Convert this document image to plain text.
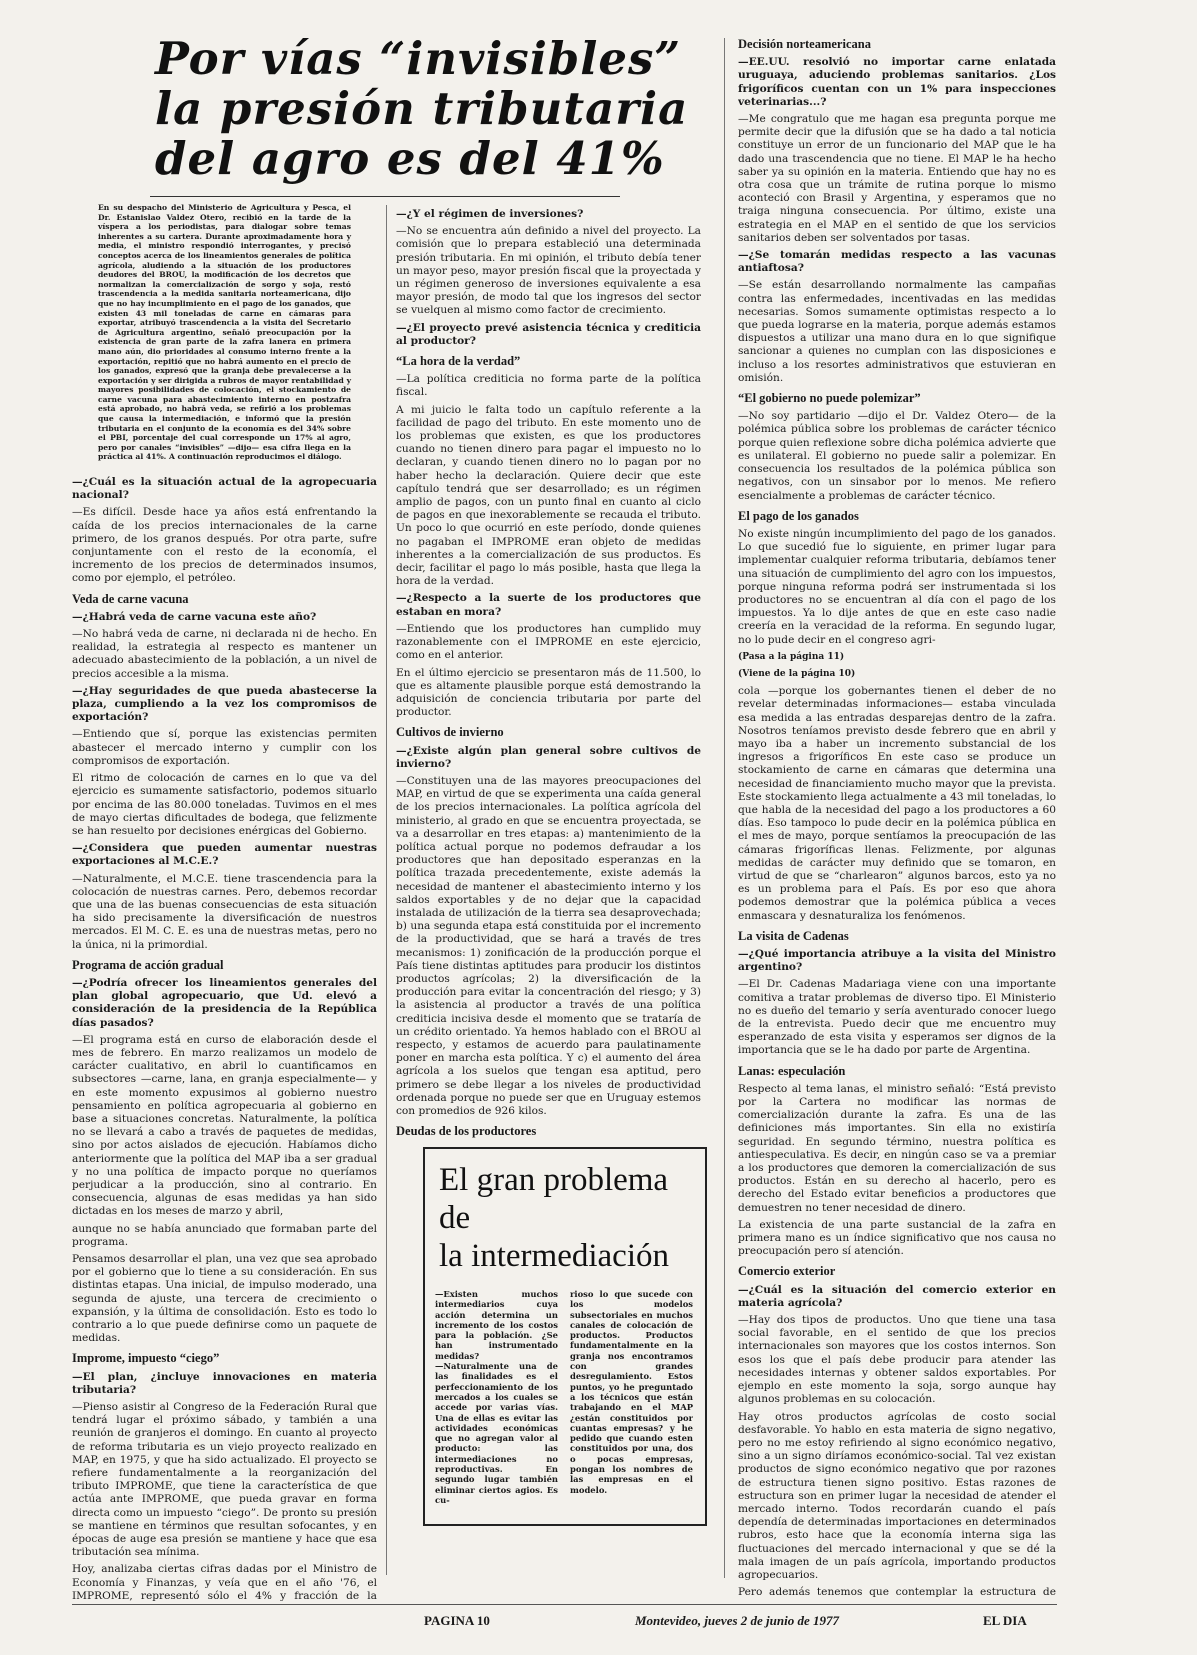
Por vías “invisibles”
la presión tributaria
del agro es del 41%

En su despacho del Ministerio de Agricultura y Pesca, el Dr. Estanislao Valdez Otero, recibió en la tarde de la víspera a los periodistas, para dialogar sobre temas inherentes a su cartera. Durante aproximadamente hora y media, el ministro respondió interrogantes, y precisó conceptos acerca de los lineamientos generales de política agrícola, aludiendo a la situación de los productores deudores del BROU, la modificación de los decretos que normalizan la comercialización de sorgo y soja, restó trascendencia a la medida sanitaria norteamericana, dijo que no hay incumplimiento en el pago de los ganados, que existen 43 mil toneladas de carne en cámaras para exportar, atribuyó trascendencia a la visita del Secretario de Agricultura argentino, señaló preocupación por la existencia de gran parte de la zafra lanera en primera mano aún, dio prioridades al consumo interno frente a la exportación, repitió que no habrá aumento en el precio de los ganados, expresó que la granja debe prevalecerse a la exportación y ser dirigida a rubros de mayor rentabilidad y mayores posibilidades de colocación, el stockamiento de carne vacuna para abastecimiento interno en postzafra está aprobado, no habrá veda, se refirió a los problemas que causa la intermediación, e informó que la presión tributaria en el conjunto de la economía es del 34% sobre el PBI, porcentaje del cual corresponde un 17% al agro, pero por canales “invisibles” —dijo— esa cifra llega en la práctica al 41%. A continuación reproducimos el diálogo.

—¿Cuál es la situación actual de la agropecuaria nacional?

—Es difícil. Desde hace ya años está enfrentando la caída de los precios internacionales de la carne primero, de los granos después. Por otra parte, sufre conjuntamente con el resto de la economía, el incremento de los precios de determinados insumos, como por ejemplo, el petróleo.

Veda de carne vacuna

—¿Habrá veda de carne vacuna este año?

—No habrá veda de carne, ni declarada ni de hecho. En realidad, la estrategia al respecto es mantener un adecuado abastecimiento de la población, a un nivel de precios accesible a la misma.

—¿Hay seguridades de que pueda abastecerse la plaza, cumpliendo a la vez los compromisos de exportación?

—Entiendo que sí, porque las existencias permiten abastecer el mercado interno y cumplir con los compromisos de exportación.

El ritmo de colocación de carnes en lo que va del ejercicio es sumamente satisfactorio, podemos situarlo por encima de las 80.000 toneladas. Tuvimos en el mes de mayo ciertas dificultades de bodega, que felizmente se han resuelto por decisiones enérgicas del Gobierno.

—¿Considera que pueden aumentar nuestras exportaciones al M.C.E.?

—Naturalmente, el M.C.E. tiene trascendencia para la colocación de nuestras carnes. Pero, debemos recordar que una de las buenas consecuencias de esta situación ha sido precisamente la diversificación de nuestros mercados. El M. C. E. es una de nuestras metas, pero no la única, ni la primordial.

Programa de acción gradual

—¿Podría ofrecer los lineamientos generales del plan global agropecuario, que Ud. elevó a consideración de la presidencia de la República días pasados?

—El programa está en curso de elaboración desde el mes de febrero. En marzo realizamos un modelo de carácter cualitativo, en abril lo cuantificamos en subsectores —carne, lana, en granja especialmente— y en este momento expusimos al gobierno nuestro pensamiento en política agropecuaria al gobierno en base a situaciones concretas. Naturalmente, la política no se llevará a cabo a través de paquetes de medidas, sino por actos aislados de ejecución. Habíamos dicho anteriormente que la política del MAP iba a ser gradual y no una política de impacto porque no queríamos perjudicar a la producción, sino al contrario. En consecuencia, algunas de esas medidas ya han sido dictadas en los meses de marzo y abril,

aunque no se había anunciado que formaban parte del programa.

Pensamos desarrollar el plan, una vez que sea aprobado por el gobierno que lo tiene a su consideración. En sus distintas etapas. Una inicial, de impulso moderado, una segunda de ajuste, una tercera de crecimiento o expansión, y la última de consolidación. Esto es todo lo contrario a lo que puede definirse como un paquete de medidas.

Improme, impuesto “ciego”

—El plan, ¿incluye innovaciones en materia tributaria?

—Pienso asistir al Congreso de la Federación Rural que tendrá lugar el próximo sábado, y también a una reunión de granjeros el domingo. En cuanto al proyecto de reforma tributaria es un viejo proyecto realizado en MAP, en 1975, y que ha sido actualizado. El proyecto se refiere fundamentalmente a la reorganización del tributo IMPROME, que tiene la característica de que actúa ante IMPROME, que pueda gravar en forma directa como un impuesto “ciego”. De pronto su presión se mantiene en términos que resultan sofocantes, y en épocas de auge esa presión se mantiene y hace que esa tributación sea mínima.

Hoy, analizaba ciertas cifras dadas por el Ministro de Economía y Finanzas, y veía que en el año '76, el IMPROME, representó sólo el 4% y fracción de la

—¿Y el régimen de inversiones?

—No se encuentra aún definido a nivel del proyecto. La comisión que lo prepara estableció una determinada presión tributaria. En mi opinión, el tributo debía tener un mayor peso, mayor presión fiscal que la proyectada y un régimen generoso de inversiones equivalente a esa mayor presión, de modo tal que los ingresos del sector se vuelquen al mismo como factor de crecimiento.

—¿El proyecto prevé asistencia técnica y crediticia al productor?

“La hora de la verdad”

—La política crediticia no forma parte de la política fiscal.

A mi juicio le falta todo un capítulo referente a la facilidad de pago del tributo. En este momento uno de los problemas que existen, es que los productores cuando no tienen dinero para pagar el impuesto no lo declaran, y cuando tienen dinero no lo pagan por no haber hecho la declaración. Quiere decir que este capítulo tendrá que ser desarrollado; es un régimen amplio de pagos, con un punto final en cuanto al ciclo de pagos en que inexorablemente se recauda el tributo. Un poco lo que ocurrió en este período, donde quienes no pagaban el IMPROME eran objeto de medidas inherentes a la comercialización de sus productos. Es decir, facilitar el pago lo más posible, hasta que llega la hora de la verdad.

—¿Respecto a la suerte de los productores que estaban en mora?

—Entiendo que los productores han cumplido muy razonablemente con el IMPROME en este ejercicio, como en el anterior.

En el último ejercicio se presentaron más de 11.500, lo que es altamente plausible porque está demostrando la adquisición de conciencia tributaria por parte del productor.

Cultivos de invierno

—¿Existe algún plan general sobre cultivos de invierno?

—Constituyen una de las mayores preocupaciones del MAP, en virtud de que se experimenta una caída general de los precios internacionales. La política agrícola del ministerio, al grado en que se encuentra proyectada, se va a desarrollar en tres etapas: a) mantenimiento de la política actual porque no podemos defraudar a los productores que han depositado esperanzas en la política trazada precedentemente, existe además la necesidad de mantener el abastecimiento interno y los saldos exportables y de no dejar que la capacidad instalada de utilización de la tierra sea desaprovechada; b) una segunda etapa está constituida por el incremento de la productividad, que se hará a través de tres mecanismos: 1) zonificación de la producción porque el País tiene distintas aptitudes para producir los distintos productos agrícolas; 2) la diversificación de la producción para evitar la concentración del riesgo; y 3) la asistencia al productor a través de una política crediticia incisiva desde el momento que se trataría de un crédito orientado. Ya hemos hablado con el BROU al respecto, y estamos de acuerdo para paulatinamente poner en marcha esta política. Y c) el aumento del área agrícola a los suelos que tengan esa aptitud, pero primero se debe llegar a los niveles de productividad ordenada porque no puede ser que en Uruguay estemos con promedios de 926 kilos.

Deudas de los productores

Decisión norteamericana

—EE.UU. resolvió no importar carne enlatada uruguaya, aduciendo problemas sanitarios. ¿Los frigoríficos cuentan con un 1% para inspecciones veterinarias...?

—Me congratulo que me hagan esa pregunta porque me permite decir que la difusión que se ha dado a tal noticia constituye un error de un funcionario del MAP que le ha dado una trascendencia que no tiene. El MAP le ha hecho saber ya su opinión en la materia. Entiendo que hay no es otra cosa que un trámite de rutina porque lo mismo aconteció con Brasil y Argentina, y esperamos que no traiga ninguna consecuencia. Por último, existe una estrategia en el MAP en el sentido de que los servicios sanitarios deben ser solventados por tasas.

—¿Se tomarán medidas respecto a las vacunas antiaftosa?

—Se están desarrollando normalmente las campañas contra las enfermedades, incentivadas en las medidas necesarias. Somos sumamente optimistas respecto a lo que pueda lograrse en la materia, porque además estamos dispuestos a utilizar una mano dura en lo que signifique sancionar a quienes no cumplan con las disposiciones e incluso a los resortes administrativos que estuvieran en omisión.

“El gobierno no puede polemizar”

—No soy partidario —dijo el Dr. Valdez Otero— de la polémica pública sobre los problemas de carácter técnico porque quien reflexione sobre dicha polémica advierte que es unilateral. El gobierno no puede salir a polemizar. En consecuencia los resultados de la polémica pública son negativos, con un sinsabor por lo menos. Me refiero esencialmente a problemas de carácter técnico.

El pago de los ganados

No existe ningún incumplimiento del pago de los ganados. Lo que sucedió fue lo siguiente, en primer lugar para implementar cualquier reforma tributaria, debíamos tener una situación de cumplimiento del agro con los impuestos, porque ninguna reforma podrá ser instrumentada si los productores no se encuentran al día con el pago de los impuestos. Ya lo dije antes de que en este caso nadie creería en la veracidad de la reforma. En segundo lugar, no lo pude decir en el congreso agri-

(Pasa a la página 11)

(Viene de la página 10)

cola —porque los gobernantes tienen el deber de no revelar determinadas informaciones— estaba vinculada esa medida a las entradas desparejas dentro de la zafra. Nosotros teníamos previsto desde febrero que en abril y mayo iba a haber un incremento substancial de los ingresos a frigoríficos En este caso se produce un stockamiento de carne en cámaras que determina una necesidad de financiamiento mucho mayor que la prevista. Este stockamiento llega actualmente a 43 mil toneladas, lo que habla de la necesidad del pago a los productores a 60 días. Eso tampoco lo pude decir en la polémica pública en el mes de mayo, porque sentíamos la preocupación de las cámaras frigoríficas llenas. Felizmente, por algunas medidas de carácter muy definido que se tomaron, en virtud de que se “charlearon” algunos barcos, esto ya no es un problema para el País. Es por eso que ahora podemos demostrar que la polémica pública a veces enmascara y desnaturaliza los fenómenos.

La visita de Cadenas

—¿Qué importancia atribuye a la visita del Ministro argentino?

—El Dr. Cadenas Madariaga viene con una importante comitiva a tratar problemas de diverso tipo. El Ministerio no es dueño del temario y sería aventurado conocer luego de la entrevista. Puedo decir que me encuentro muy esperanzado de esta visita y esperamos ser dignos de la importancia que se le ha dado por parte de Argentina.

Lanas: especulación

Respecto al tema lanas, el ministro señaló: “Está previsto por la Cartera no modificar las normas de comercialización durante la zafra. Es una de las definiciones más importantes. Sin ella no existiría seguridad. En segundo término, nuestra política es antiespeculativa. Es decir, en ningún caso se va a premiar a los productores que demoren la comercialización de sus productos. Están en su derecho al hacerlo, pero es derecho del Estado evitar beneficios a productores que demuestren no tener necesidad de dinero.

La existencia de una parte sustancial de la zafra en primera mano es un índice significativo que nos causa no preocupación pero sí atención.

Comercio exterior

—¿Cuál es la situación del comercio exterior en materia agrícola?

—Hay dos tipos de productos. Uno que tiene una tasa social favorable, en el sentido de que los precios internacionales son mayores que los costos internos. Son esos los que el país debe producir para atender las necesidades internas y obtener saldos exportables. Por ejemplo en este momento la soja, sorgo aunque hay algunos problemas en su colocación.

Hay otros productos agrícolas de costo social desfavorable. Yo hablo en esta materia de signo negativo, pero no me estoy refiriendo al signo económico negativo, sino a un signo diríamos económico-social. Tal vez existan productos de signo económico negativo que por razones de estructura tienen signo positivo. Estas razones de estructura son en primer lugar la necesidad de atender el mercado interno. Todos recordarán cuando el país dependía de determinadas importaciones en determinados rubros, esto hace que la economía interna siga las fluctuaciones del mercado internacional y que se dé la mala imagen de un país agrícola, importando productos agropecuarios.

Pero además tenemos que contemplar la estructura de

El gran problema de
la intermediación
—Existen muchos intermediarios cuya acción determina un incremento de los costos para la población. ¿Se han instrumentado medidas?
—Naturalmente una de las finalidades es el perfeccionamiento de los mercados a los cuales se accede por varias vías. Una de ellas es evitar las actividades económicas que no agregan valor al producto: las intermediaciones no reproductivas. En segundo lugar también eliminar ciertos agios. Es cu-
rioso lo que sucede con los modelos subsectoriales en muchos canales de colocación de productos. Productos fundamentalmente en la granja nos encontramos con grandes desregulamiento. Estos puntos, yo he preguntado a los técnicos que están trabajando en el MAP ¿están constituidos por cuantas empresas? y he pedido que cuando esten constituidos por una, dos o pocas empresas, pongan los nombres de las empresas en el modelo.
PAGINA 10	Montevideo, jueves 2 de junio de 1977	EL DIA
